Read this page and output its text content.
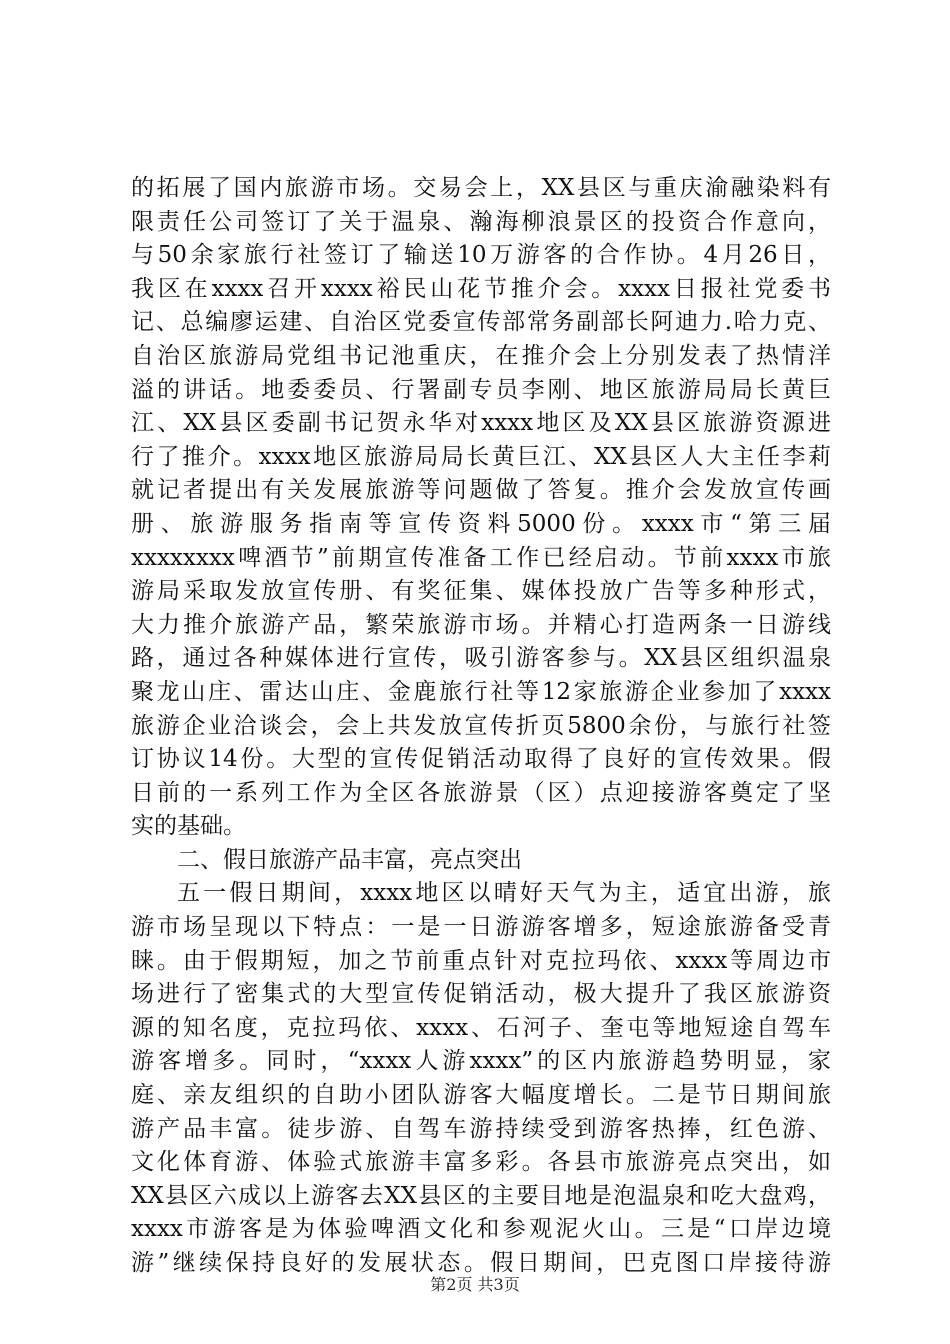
的拓展了国内旅游市场。交易会上，XX县区与重庆渝融染料有
限责任公司签订了关于温泉、瀚海柳浪景区的投资合作意向，
与50余家旅行社签订了输送10万游客的合作协。4月26日，
我区在xxxx召开xxxx裕民山花节推介会。xxxx日报社党委书
记、总编廖运建、自治区党委宣传部常务副部长阿迪力.哈力克、
自治区旅游局党组书记池重庆，在推介会上分别发表了热情洋
溢的讲话。地委委员、行署副专员李刚、地区旅游局局长黄巨
江、XX县区委副书记贺永华对xxxx地区及XX县区旅游资源进
行了推介。xxxx地区旅游局局长黄巨江、XX县区人大主任李莉
就记者提出有关发展旅游等问题做了答复。推介会发放宣传画
册、旅游服务指南等宣传资料5000份。xxxx市“第三届
xxxxxxxx啤酒节”前期宣传准备工作已经启动。节前xxxx市旅
游局采取发放宣传册、有奖征集、媒体投放广告等多种形式，
大力推介旅游产品，繁荣旅游市场。并精心打造两条一日游线
路，通过各种媒体进行宣传，吸引游客参与。XX县区组织温泉
聚龙山庄、雷达山庄、金鹿旅行社等12家旅游企业参加了xxxx
旅游企业洽谈会，会上共发放宣传折页5800余份，与旅行社签
订协议14份。大型的宣传促销活动取得了良好的宣传效果。假
日前的一系列工作为全区各旅游景（区）点迎接游客奠定了坚
实的基础。
二、假日旅游产品丰富，亮点突出
五一假日期间，xxxx地区以晴好天气为主，适宜出游，旅
游市场呈现以下特点：一是一日游游客增多，短途旅游备受青
睐。由于假期短，加之节前重点针对克拉玛依、xxxx等周边市
场进行了密集式的大型宣传促销活动，极大提升了我区旅游资
源的知名度，克拉玛依、xxxx、石河子、奎屯等地短途自驾车
游客增多。同时，“xxxx人游xxxx”的区内旅游趋势明显，家
庭、亲友组织的自助小团队游客大幅度增长。二是节日期间旅
游产品丰富。徒步游、自驾车游持续受到游客热捧，红色游、
文化体育游、体验式旅游丰富多彩。各县市旅游亮点突出，如
XX县区六成以上游客去XX县区的主要目地是泡温泉和吃大盘鸡，
xxxx市游客是为体验啤酒文化和参观泥火山。三是“口岸边境
游”继续保持良好的发展状态。假日期间，巴克图口岸接待游
第2页 共3页
